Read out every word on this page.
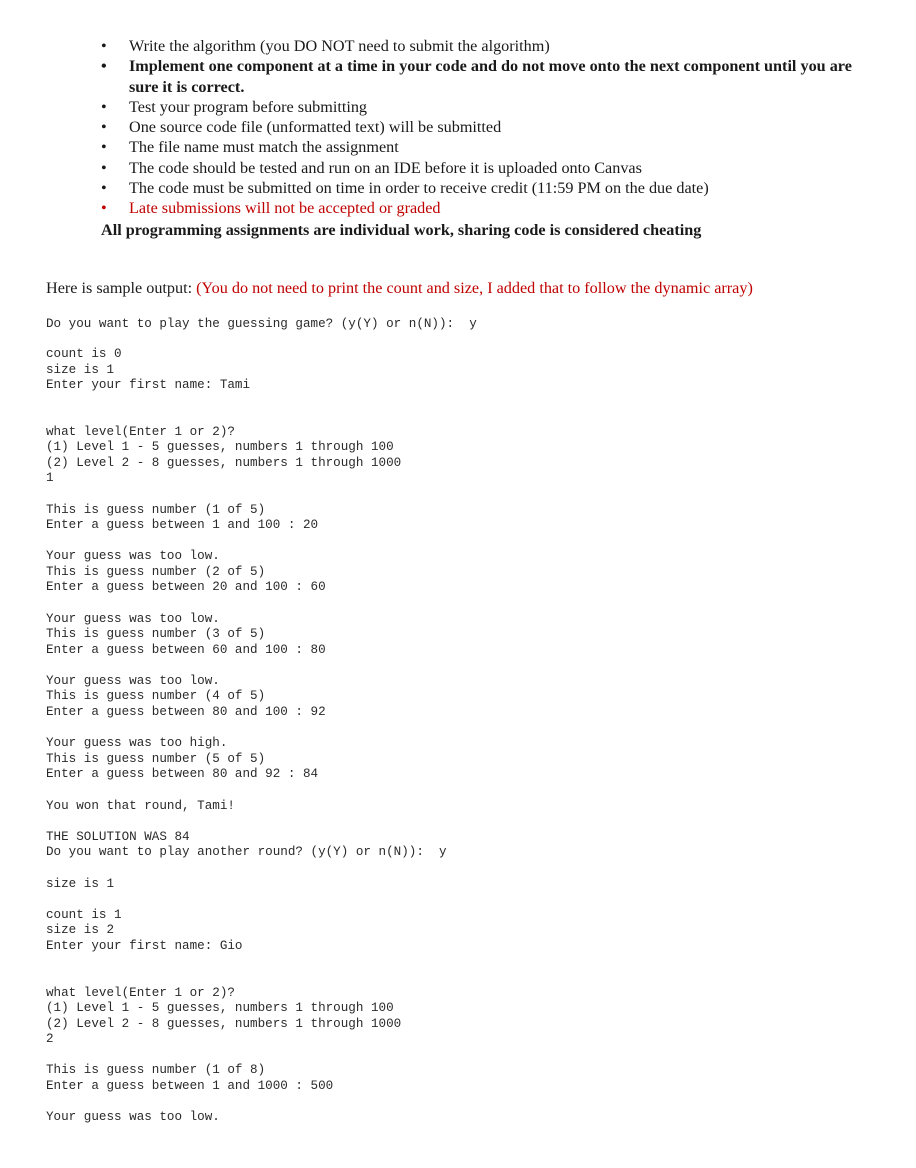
•	Write the algorithm (you DO NOT need to submit the algorithm)
•	Implement one component at a time in your code and do not move onto the next component until you are sure it is correct.
•	Test your program before submitting
•	One source code file (unformatted text) will be submitted
•	The file name must match the assignment
•	The code should be tested and run on an IDE before it is uploaded onto Canvas
•	The code must be submitted on time in order to receive credit (11:59 PM on the due date)
•	Late submissions will not be accepted or graded
All programming assignments are individual work, sharing code is considered cheating
Here is sample output: (You do not need to print the count and size, I added that to follow the dynamic array)

Do you want to play the guessing game? (y(Y) or n(N)):  y

count is 0

size is 1

Enter your first name: Tami

what level(Enter 1 or 2)?

(1) Level 1 - 5 guesses, numbers 1 through 100

(2) Level 2 - 8 guesses, numbers 1 through 1000

1

This is guess number (1 of 5)

Enter a guess between 1 and 100 : 20

Your guess was too low.

This is guess number (2 of 5)

Enter a guess between 20 and 100 : 60

Your guess was too low.

This is guess number (3 of 5)

Enter a guess between 60 and 100 : 80

Your guess was too low.

This is guess number (4 of 5)

Enter a guess between 80 and 100 : 92

Your guess was too high.

This is guess number (5 of 5)

Enter a guess between 80 and 92 : 84

You won that round, Tami!

THE SOLUTION WAS 84

Do you want to play another round? (y(Y) or n(N)):  y

size is 1

count is 1

size is 2

Enter your first name: Gio

what level(Enter 1 or 2)?

(1) Level 1 - 5 guesses, numbers 1 through 100

(2) Level 2 - 8 guesses, numbers 1 through 1000

2

This is guess number (1 of 8)

Enter a guess between 1 and 1000 : 500

Your guess was too low.
